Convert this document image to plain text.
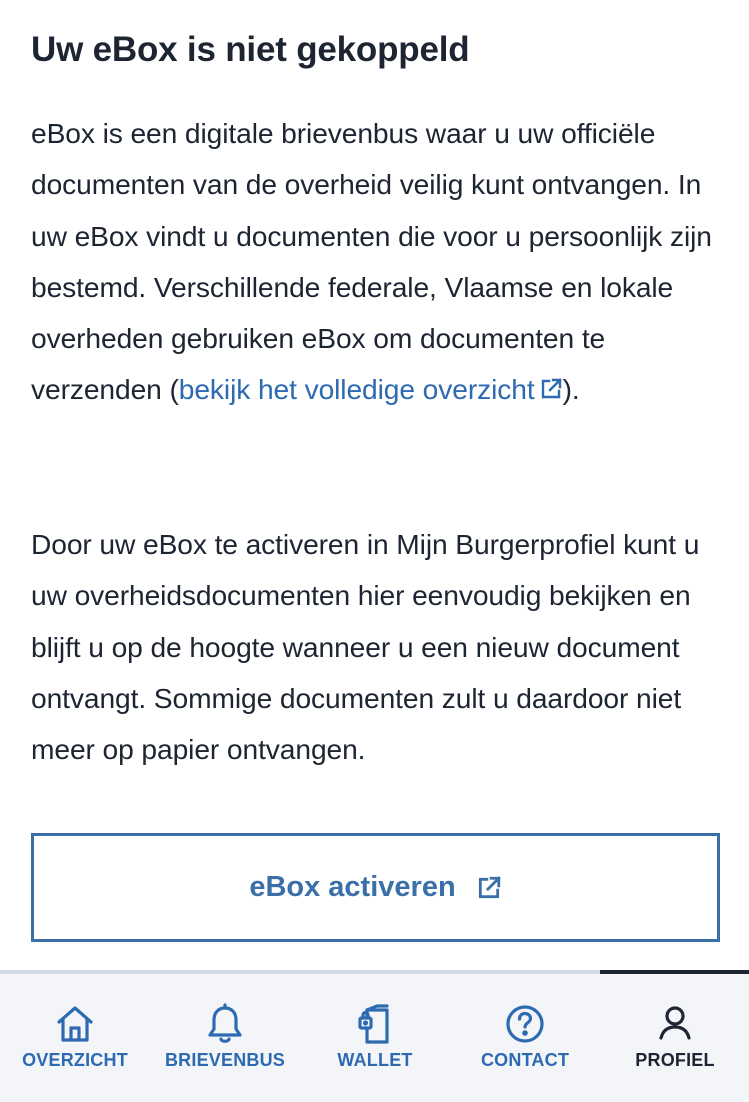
Uw eBox is niet gekoppeld

eBox is een digitale brievenbus waar u uw officiële documenten van de overheid veilig kunt ontvangen. In uw eBox vindt u documenten die voor u persoonlijk zijn bestemd. Verschillende federale, Vlaamse en lokale overheden gebruiken eBox om documenten te verzenden (bekijk het volledige overzicht ).

Door uw eBox te activeren in Mijn Burgerprofiel kunt u uw overheidsdocumenten hier eenvoudig bekijken en blijft u op de hoogte wanneer u een nieuw document ontvangt. Sommige documenten zult u daardoor niet meer op papier ontvangen.

eBox activeren
OVERZICHT BRIEVENBUS	WALLET	CONTACT	PROFIEL
